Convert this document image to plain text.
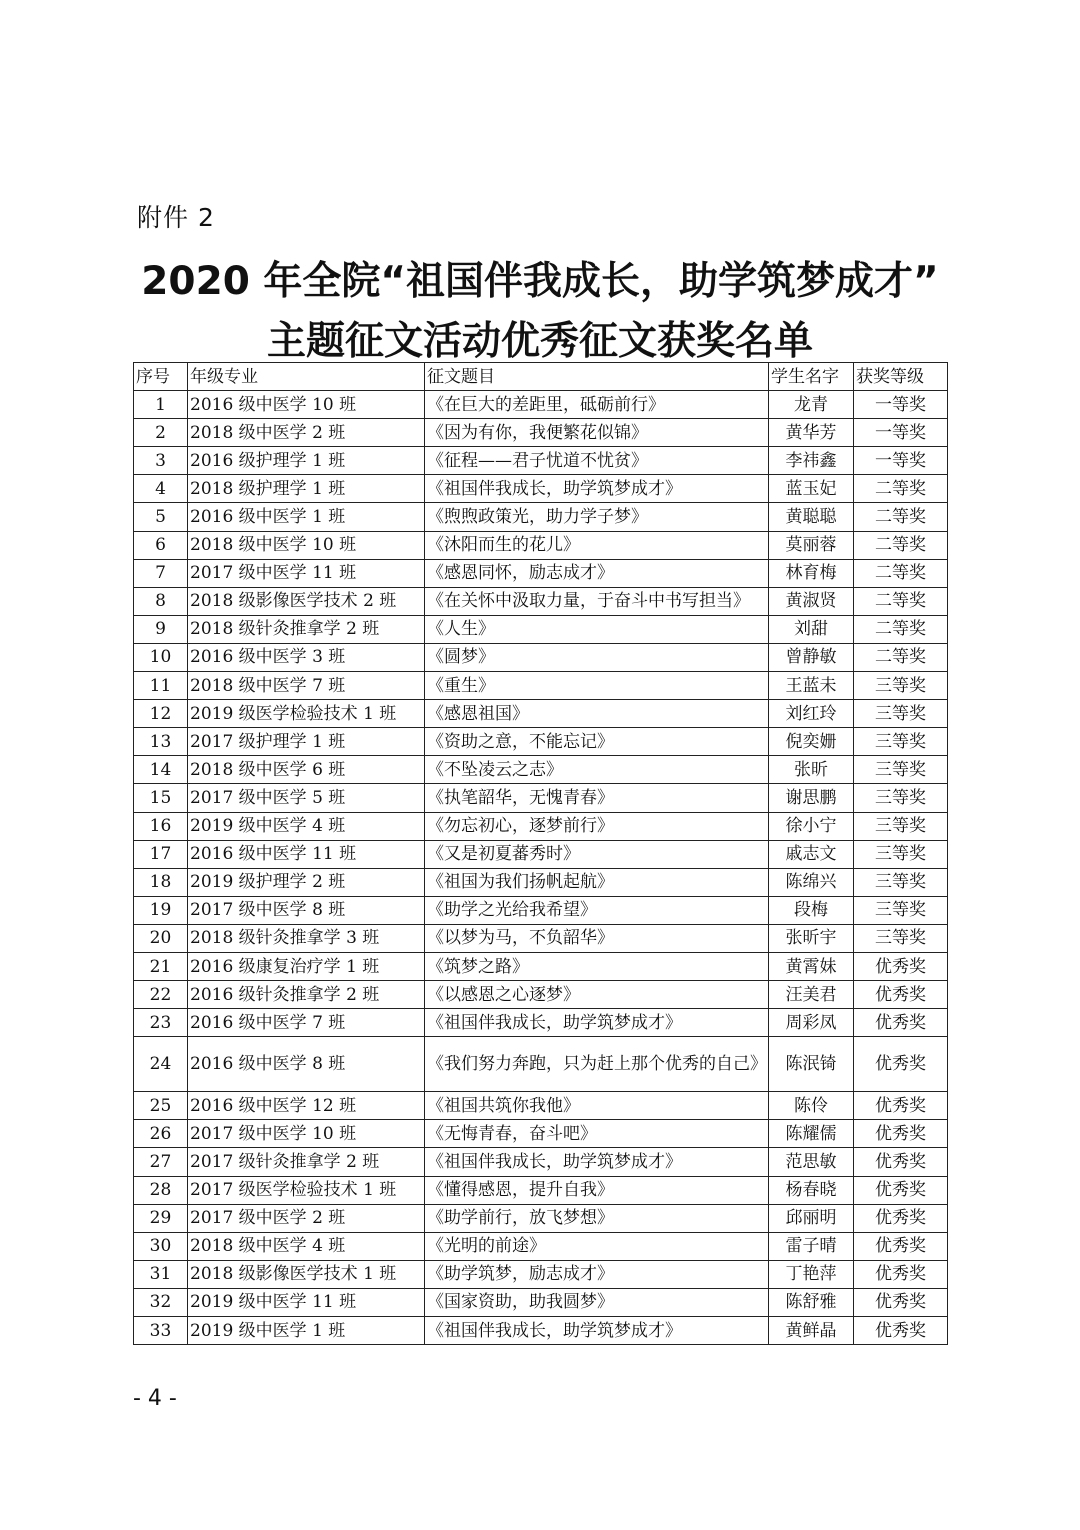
附件 2
2020 年全院“祖国伴我成长，助学筑梦成才”
主题征文活动优秀征文获奖名单
序号	年级专业	征文题目	学生名字	获奖等级
1	2016 级中医学 10 班	《在巨大的差距里，砥砺前行》	龙青	一等奖
2	2018 级中医学 2 班	《因为有你，我便繁花似锦》	黄华芳	一等奖
3	2016 级护理学 1 班	《征程——君子忧道不忧贫》	李祎鑫	一等奖
4	2018 级护理学 1 班	《祖国伴我成长，助学筑梦成才》	蓝玉妃	二等奖
5	2016 级中医学 1 班	《煦煦政策光，助力学子梦》	黄聪聪	二等奖
6	2018 级中医学 10 班	《沐阳而生的花儿》	莫丽蓉	二等奖
7	2017 级中医学 11 班	《感恩同怀，励志成才》	林育梅	二等奖
8	2018 级影像医学技术 2 班	《在关怀中汲取力量，于奋斗中书写担当》	黄淑贤	二等奖
9	2018 级针灸推拿学 2 班	《人生》	刘甜	二等奖
10	2016 级中医学 3 班	《圆梦》	曾静敏	二等奖
11	2018 级中医学 7 班	《重生》	王蓝未	三等奖
12	2019 级医学检验技术 1 班	《感恩祖国》	刘红玲	三等奖
13	2017 级护理学 1 班	《资助之意，不能忘记》	倪奕姗	三等奖
14	2018 级中医学 6 班	《不坠凌云之志》	张昕	三等奖
15	2017 级中医学 5 班	《执笔韶华，无愧青春》	谢思鹏	三等奖
16	2019 级中医学 4 班	《勿忘初心，逐梦前行》	徐小宁	三等奖
17	2016 级中医学 11 班	《又是初夏蕃秀时》	戚志文	三等奖
18	2019 级护理学 2 班	《祖国为我们扬帆起航》	陈绵兴	三等奖
19	2017 级中医学 8 班	《助学之光给我希望》	段梅	三等奖
20	2018 级针灸推拿学 3 班	《以梦为马，不负韶华》	张昕宇	三等奖
21	2016 级康复治疗学 1 班	《筑梦之路》	黄霄妹	优秀奖
22	2016 级针灸推拿学 2 班	《以感恩之心逐梦》	汪美君	优秀奖
23	2016 级中医学 7 班	《祖国伴我成长，助学筑梦成才》	周彩凤	优秀奖
24	2016 级中医学 8 班	《我们努力奔跑，只为赶上那个优秀的自己》	陈泯锜	优秀奖
25	2016 级中医学 12 班	《祖国共筑你我他》	陈伶	优秀奖
26	2017 级中医学 10 班	《无悔青春，奋斗吧》	陈耀儒	优秀奖
27	2017 级针灸推拿学 2 班	《祖国伴我成长，助学筑梦成才》	范思敏	优秀奖
28	2017 级医学检验技术 1 班	《懂得感恩，提升自我》	杨春晓	优秀奖
29	2017 级中医学 2 班	《助学前行，放飞梦想》	邱丽明	优秀奖
30	2018 级中医学 4 班	《光明的前途》	雷子晴	优秀奖
31	2018 级影像医学技术 1 班	《助学筑梦，励志成才》	丁艳萍	优秀奖
32	2019 级中医学 11 班	《国家资助，助我圆梦》	陈舒雅	优秀奖
33	2019 级中医学 1 班	《祖国伴我成长，助学筑梦成才》	黄鲜晶	优秀奖
- 4 -
